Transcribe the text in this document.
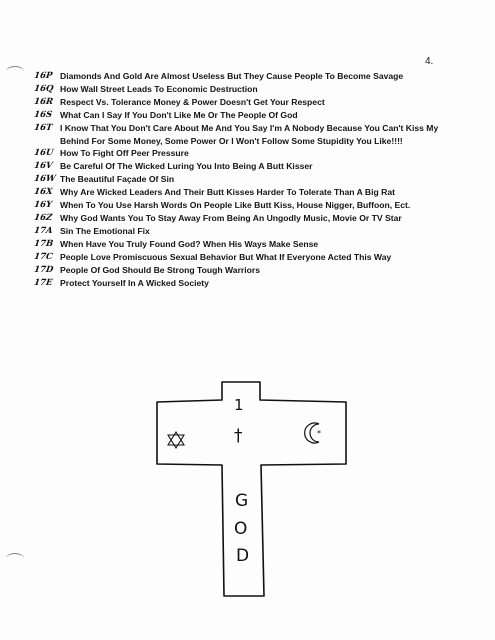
4.
16P Diamonds And Gold Are Almost Useless But They Cause People To Become Savage
16Q How Wall Street Leads To Economic Destruction
16R Respect Vs. Tolerance Money & Power Doesn't Get Your Respect
16S What Can I Say If You Don't Like Me Or The People Of God
16T I Know That You Don't Care About Me And You Say I'm A Nobody Because You Can't Kiss My Behind For Some Money, Some Power Or I Won't Follow Some Stupidity You Like!!!!
16U How To Fight Off Peer Pressure
16V Be Careful Of The Wicked Luring You Into Being A Butt Kisser
16W The Beautiful Façade Of Sin
16X Why Are Wicked Leaders And Their Butt Kisses Harder To Tolerate Than A Big Rat
16Y When To You Use Harsh Words On People Like Butt Kiss, House Nigger, Buffoon, Ect.
16Z Why God Wants You To Stay Away From Being An Ungodly Music, Movie Or TV Star
17A Sin The Emotional Fix
17B When Have You Truly Found God? When His Ways Make Sense
17C People Love Promiscuous Sexual Behavior But What If Everyone Acted This Way
17D People Of God Should Be Strong Tough Warriors
17E Protect Yourself In A Wicked Society
*
1
†
G
O
D
